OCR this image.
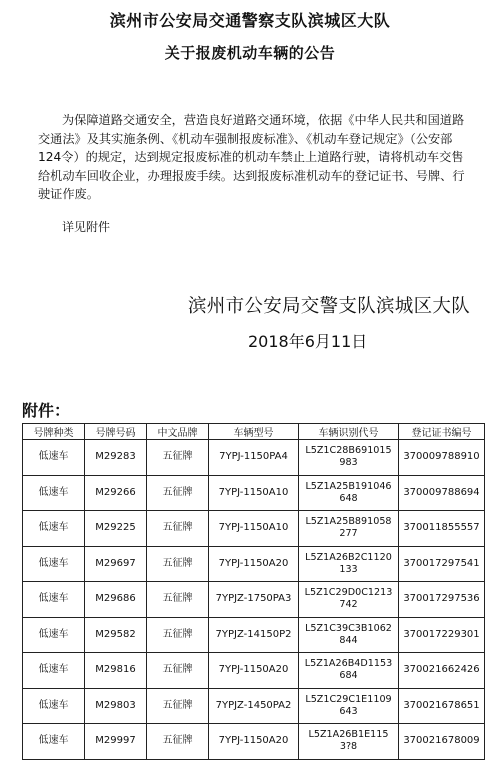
滨州市公安局交通警察支队滨城区大队
关于报废机动车辆的公告

为保障道路交通安全，营造良好道路交通环境，依据《中华人民共和国道路交通法》及其实施条例、《机动车强制报废标准》、《机动车登记规定》（公安部124令）的规定，达到规定报废标准的机动车禁止上道路行驶，请将机动车交售给机动车回收企业，办理报废手续。达到报废标准机动车的登记证书、号牌、行驶证作废。

详见附件
滨州市公安局交警支队滨城区大队
2018年6月11日
附件：
号牌种类	号牌号码	中文品牌	车辆型号	车辆识别代号	登记证书编号
低速车	M29283	五征牌	7YPJ-1150PA4	L5Z1C28B691015983	370009788910
低速车	M29266	五征牌	7YPJ-1150A10	L5Z1A25B191046648	370009788694
低速车	M29225	五征牌	7YPJ-1150A10	L5Z1A25B891058277	370011855557
低速车	M29697	五征牌	7YPJ-1150A20	L5Z1A26B2C1120133	370017297541
低速车	M29686	五征牌	7YPJZ-1750PA3	L5Z1C29D0C1213742	370017297536
低速车	M29582	五征牌	7YPJZ-14150P2	L5Z1C39C3B1062844	370017229301
低速车	M29816	五征牌	7YPJ-1150A20	L5Z1A26B4D1153684	370021662426
低速车	M29803	五征牌	7YPJZ-1450PA2	L5Z1C29C1E1109643	370021678651
低速车	M29997	五征牌	7YPJ-1150A20	L5Z1A26B1E1153?8	370021678009
